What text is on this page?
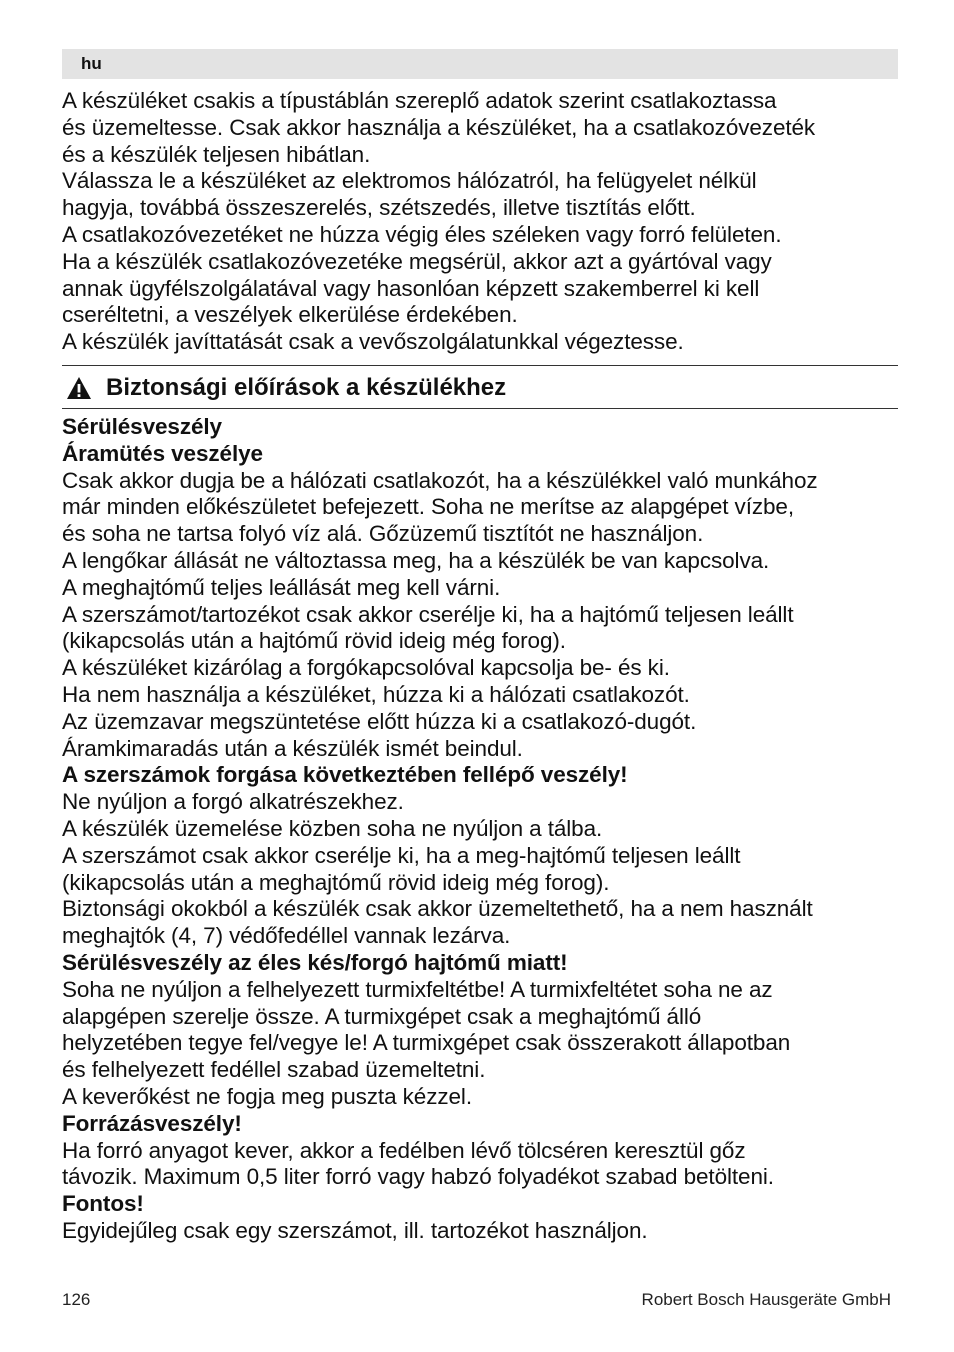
hu

A készüléket csakis a típustáblán szereplő adatok szerint csatlakoztassa

és üzemeltesse. Csak akkor használja a készüléket, ha a csatlakozóvezeték

és a készülék teljesen hibátlan.

Válassza le a készüléket az elektromos hálózatról, ha felügyelet nélkül

hagyja, továbbá összeszerelés, szétszedés, illetve tisztítás előtt.

A csatlakozóvezetéket ne húzza végig éles széleken vagy forró felületen.

Ha a készülék csatlakozóvezetéke megsérül, akkor azt a gyártóval vagy

annak ügyfélszolgálatával vagy hasonlóan képzett szakemberrel ki kell

cseréltetni, a veszélyek elkerülése érdekében.

A készülék javíttatását csak a vevőszolgálatunkkal végeztesse.

Biztonsági előírások a készülékhez

Sérülésveszély

Áramütés veszélye

Csak akkor dugja be a hálózati csatlakozót, ha a készülékkel való munkához

már minden előkészületet befejezett. Soha ne merítse az alapgépet vízbe,

és soha ne tartsa folyó víz alá. Gőzüzemű tisztítót ne használjon.

A lengőkar állását ne változtassa meg, ha a készülék be van kapcsolva.

A meghajtómű teljes leállását meg kell várni.

A szerszámot/tartozékot csak akkor cserélje ki, ha a hajtómű teljesen leállt

(kikapcsolás után a hajtómű rövid ideig még forog).

A készüléket kizárólag a forgókapcsolóval kapcsolja be- és ki.

Ha nem használja a készüléket, húzza ki a hálózati csatlakozót.

Az üzemzavar megszüntetése előtt húzza ki a csatlakozó-dugót.

Áramkimaradás után a készülék ismét beindul.

A szerszámok forgása következtében fellépő veszély!

Ne nyúljon a forgó alkatrészekhez.

A készülék üzemelése közben soha ne nyúljon a tálba.

A szerszámot csak akkor cserélje ki, ha a meg-hajtómű teljesen leállt

(kikapcsolás után a meghajtómű rövid ideig még forog).

Biztonsági okokból a készülék csak akkor üzemeltethető, ha a nem használt

meghajtók (4, 7) védőfedéllel vannak lezárva.

Sérülésveszély az éles kés/forgó hajtómű miatt!

Soha ne nyúljon a felhelyezett turmixfeltétbe! A turmixfeltétet soha ne az

alapgépen szerelje össze. A turmixgépet csak a meghajtómű álló

helyzetében tegye fel/vegye le! A turmixgépet csak összerakott állapotban

és felhelyezett fedéllel szabad üzemeltetni.

A keverőkést ne fogja meg puszta kézzel.

Forrázásveszély!

Ha forró anyagot kever, akkor a fedélben lévő tölcséren keresztül gőz

távozik. Maximum 0,5 liter forró vagy habzó folyadékot szabad betölteni.

Fontos!

Egyidejűleg csak egy szerszámot, ill. tartozékot használjon.

126	Robert Bosch Hausgeräte GmbH
